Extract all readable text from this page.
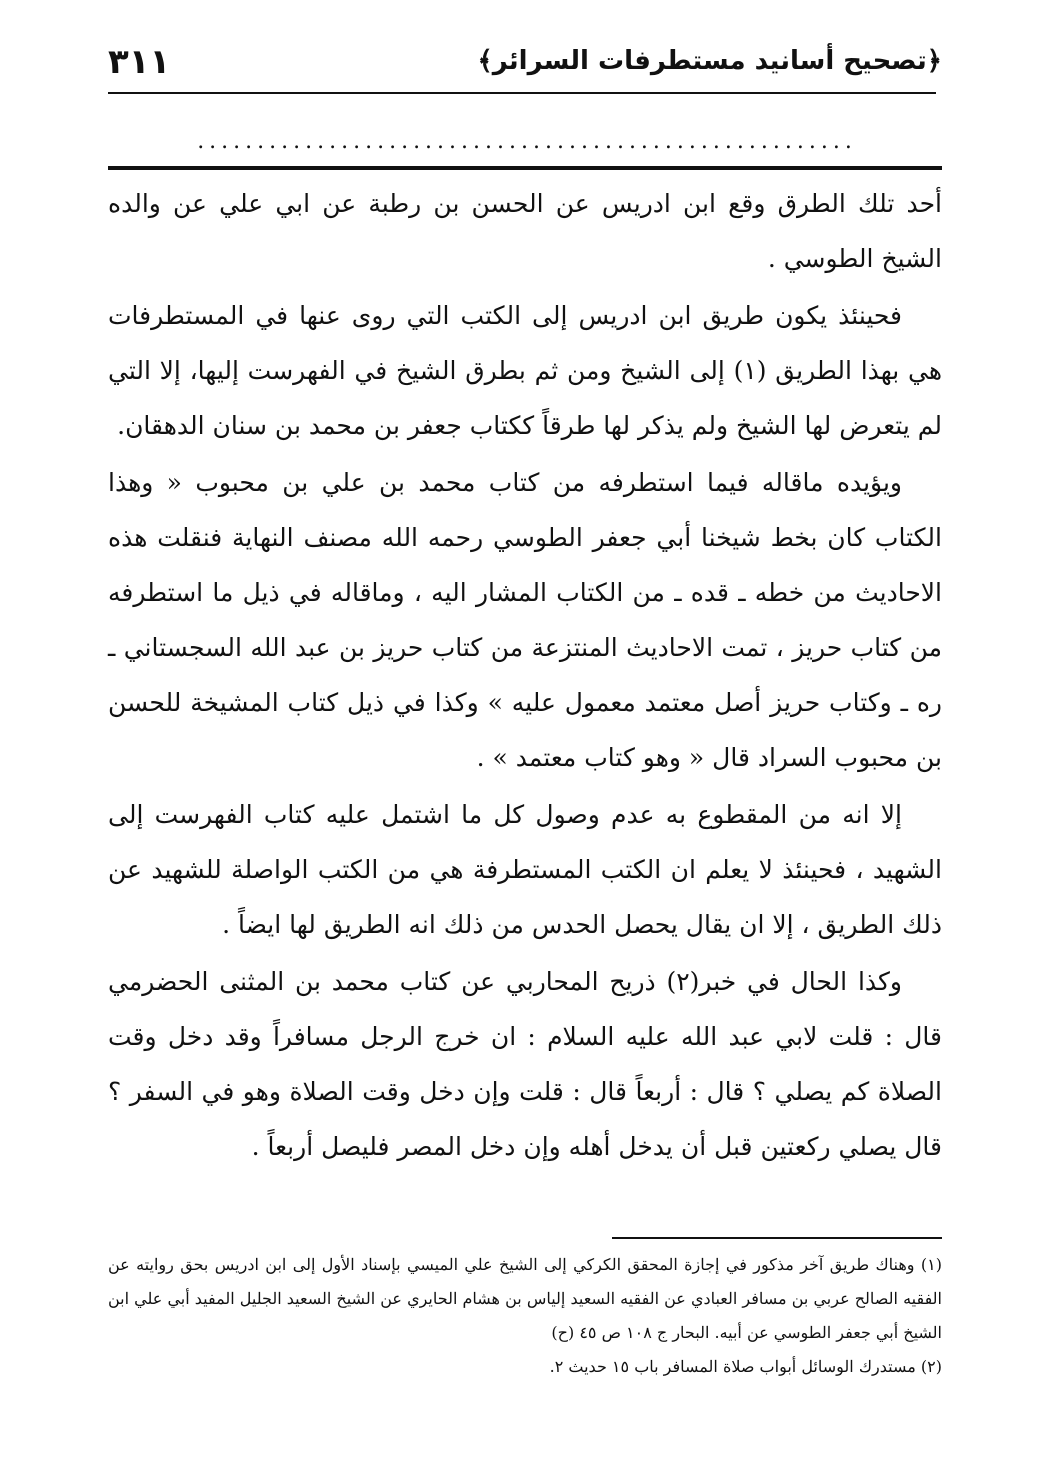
٣١١	﴿تصحيح أسانيد مستطرفات السرائر﴾
.......................................................

أحد تلك الطرق وقع ابن ادريس عن الحسن بن رطبة عن ابي علي عن والده الشيخ الطوسي .

فحينئذ يكون طريق ابن ادريس إلى الكتب التي روى عنها في المستطرفات هي بهذا الطريق (١) إلى الشيخ ومن ثم بطرق الشيخ في الفهرست إليها، إلا التي لم يتعرض لها الشيخ ولم يذكر لها طرقاً ككتاب جعفر بن محمد بن سنان الدهقان.

ويؤيده ماقاله فيما استطرفه من كتاب محمد بن علي بن محبوب « وهذا الكتاب كان بخط شيخنا أبي جعفر الطوسي رحمه الله مصنف النهاية فنقلت هذه الاحاديث من خطه ـ قده ـ من الكتاب المشار اليه ، وماقاله في ذيل ما استطرفه من كتاب حريز ، تمت الاحاديث المنتزعة من كتاب حريز بن عبد الله السجستاني ـ ره ـ وكتاب حريز أصل معتمد معمول عليه » وكذا في ذيل كتاب المشيخة للحسن بن محبوب السراد قال « وهو كتاب معتمد » .

إلا انه من المقطوع به عدم وصول كل ما اشتمل عليه كتاب الفهرست إلى الشهيد ، فحينئذ لا يعلم ان الكتب المستطرفة هي من الكتب الواصلة للشهيد عن ذلك الطريق ، إلا ان يقال يحصل الحدس من ذلك انه الطريق لها ايضاً .

وكذا الحال في خبر(٢) ذريح المحاربي عن كتاب محمد بن المثنى الحضرمي قال : قلت لابي عبد الله عليه السلام : ان خرج الرجل مسافراً وقد دخل وقت الصلاة كم يصلي ؟ قال : أربعاً قال : قلت وإن دخل وقت الصلاة وهو في السفر ؟ قال يصلي ركعتين قبل أن يدخل أهله وإن دخل المصر فليصل أربعاً .

(١) وهناك طريق آخر مذكور في إجازة المحقق الكركي إلى الشيخ علي الميسي بإسناد الأول إلى ابن ادريس بحق روايته عن الفقيه الصالح عربي بن مسافر العبادي عن الفقيه السعيد إلياس بن هشام الحايري عن الشيخ السعيد الجليل المفيد أبي علي ابن الشيخ أبي جعفر الطوسي عن أبيه. البحار ج ١٠٨ ص ٤٥ (ح)

(٢) مستدرك الوسائل أبواب صلاة المسافر باب ١٥ حديث ٢.
